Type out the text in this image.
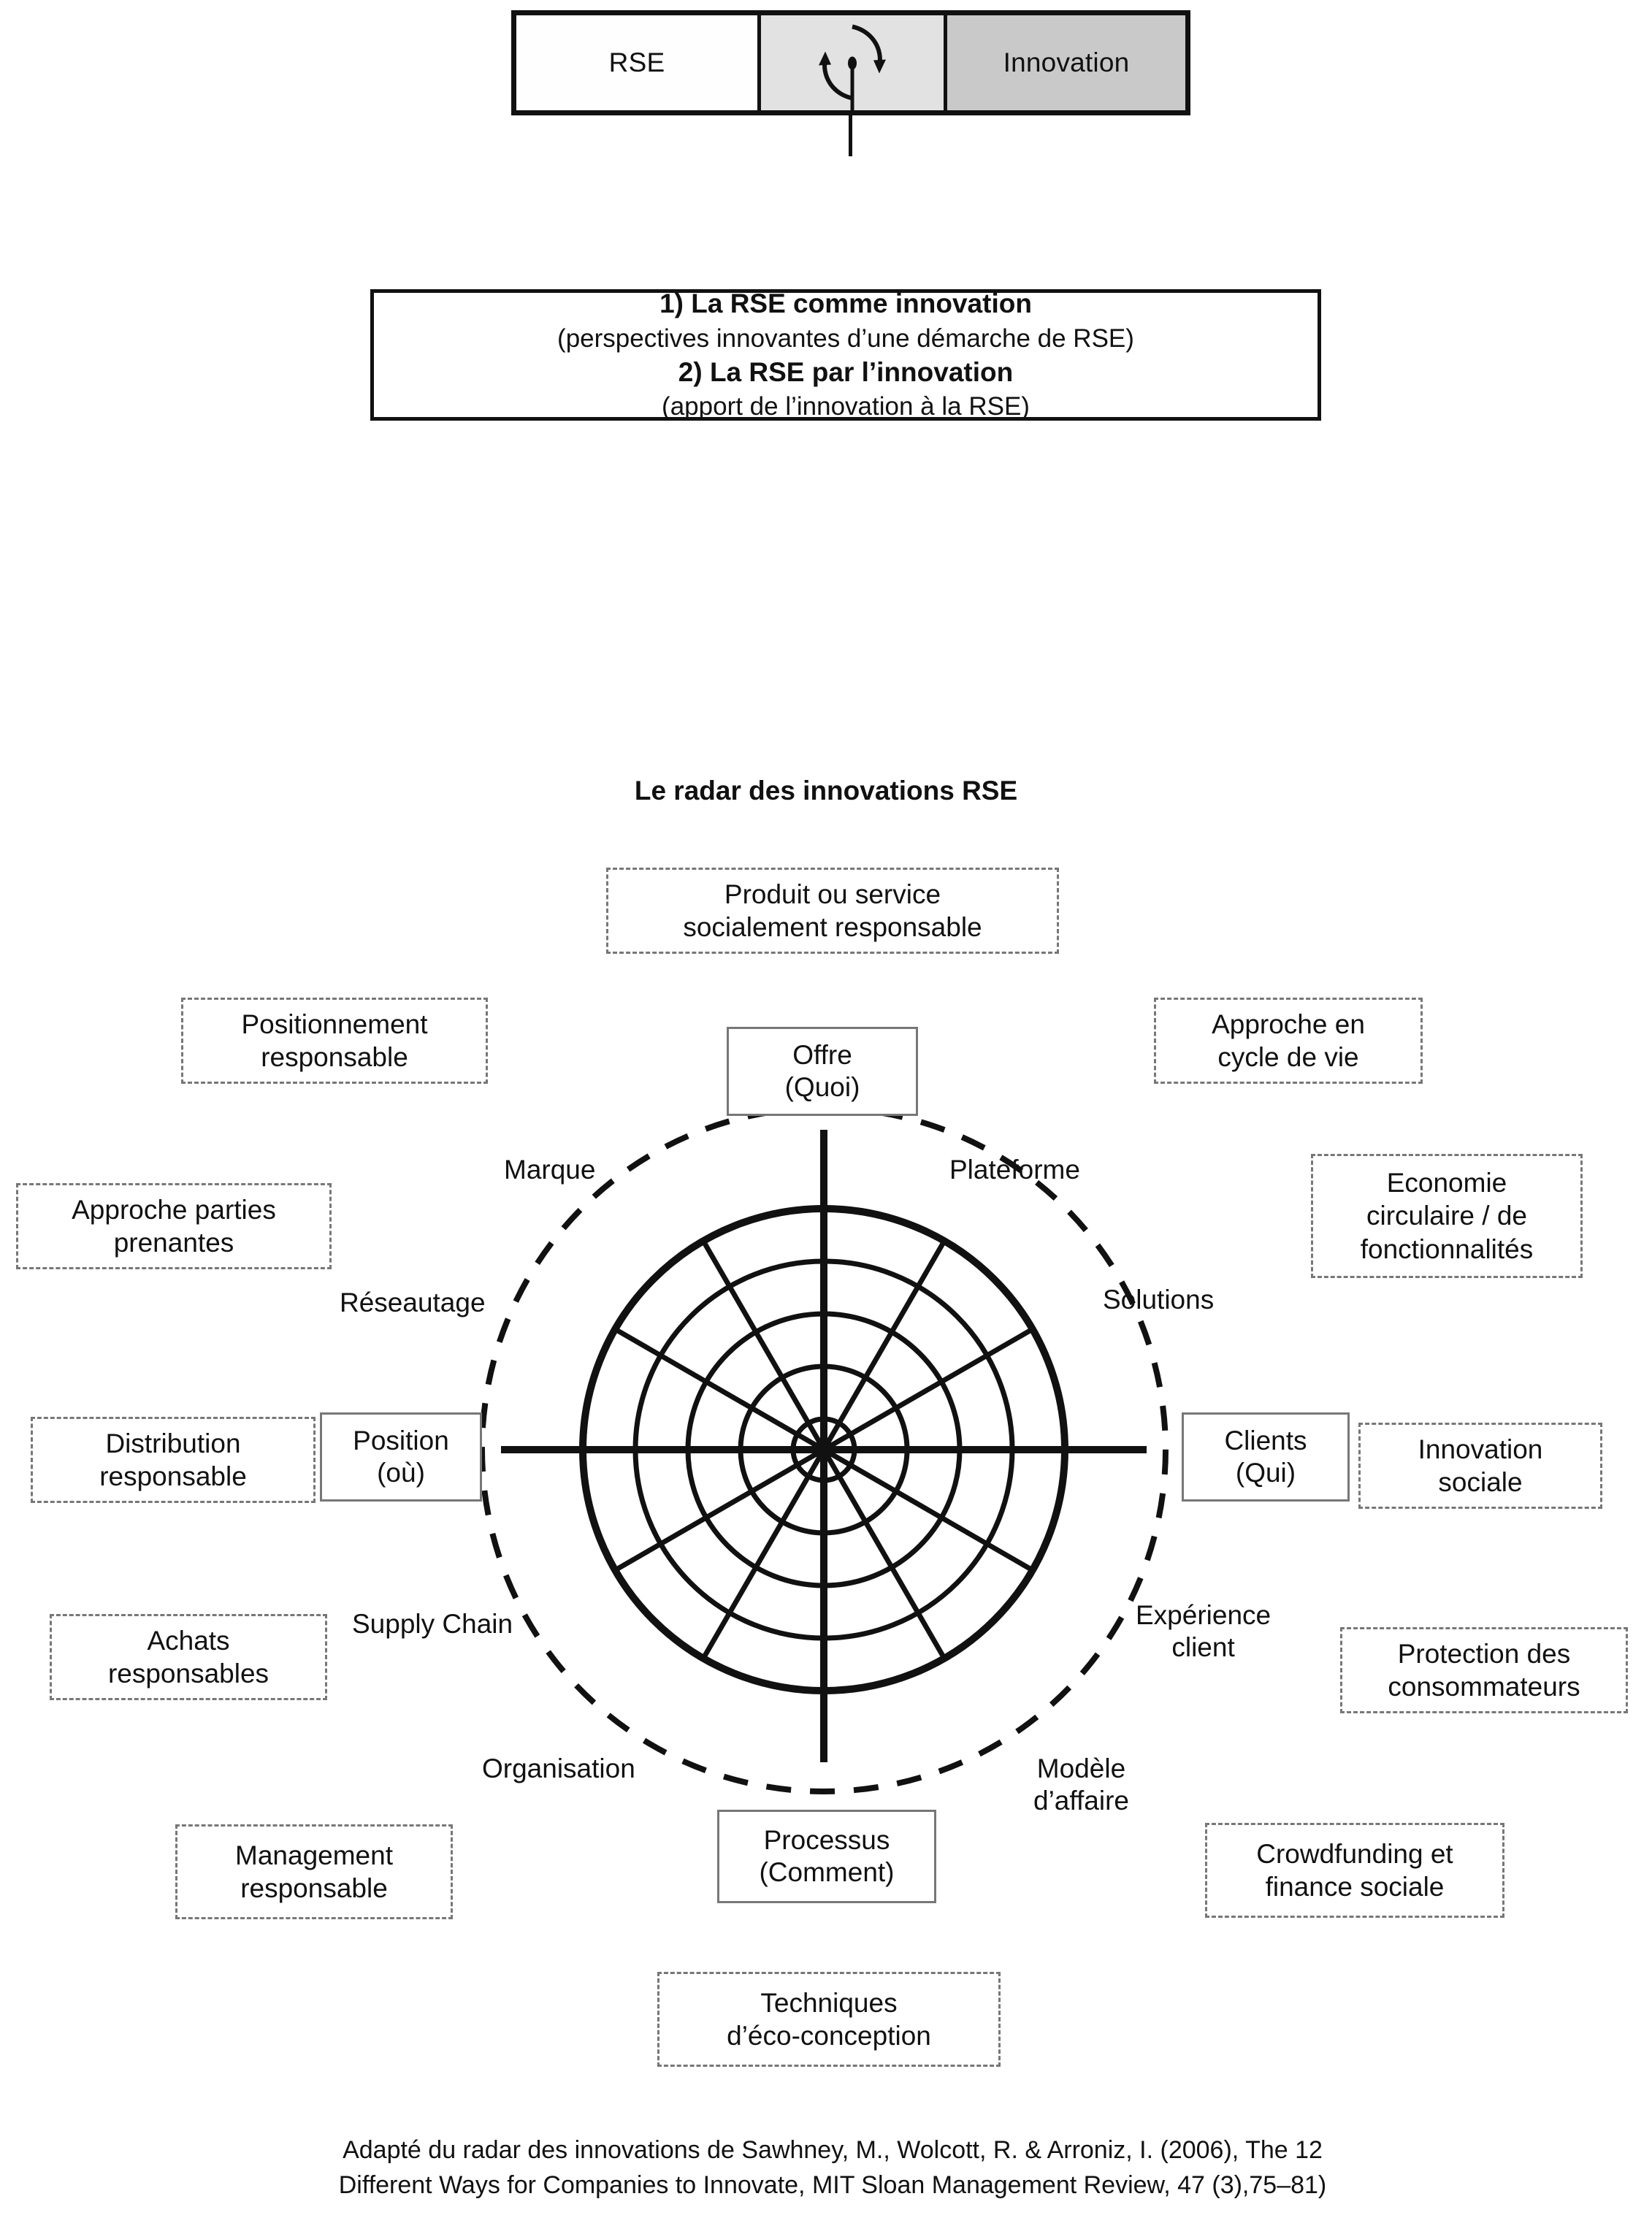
RSE	Innovation
1) La RSE comme innovation
(perspectives innovantes d’une démarche de RSE)
2) La RSE par l’innovation
(apport de l’innovation à la RSE)
Le radar des innovations RSE
Offre
(Quoi)
Clients
(Qui)
Processus
(Comment)
Position
(où)
Plateforme
Solutions
Expérience
client
Modèle
d’affaire
Organisation
Supply Chain
Réseautage
Marque
Produit ou service
socialement responsable
Positionnement
responsable
Approche parties
prenantes
Distribution
responsable
Achats
responsables
Management
responsable
Techniques
d’éco-conception
Crowdfunding et
finance sociale
Protection des
consommateurs
Innovation
sociale
Economie
circulaire / de
fonctionnalités
Approche en
cycle de vie
Adapté du radar des innovations de Sawhney, M., Wolcott, R. & Arroniz, I. (2006), The 12
Different Ways for Companies to Innovate, MIT Sloan Management Review, 47 (3),75–81)
